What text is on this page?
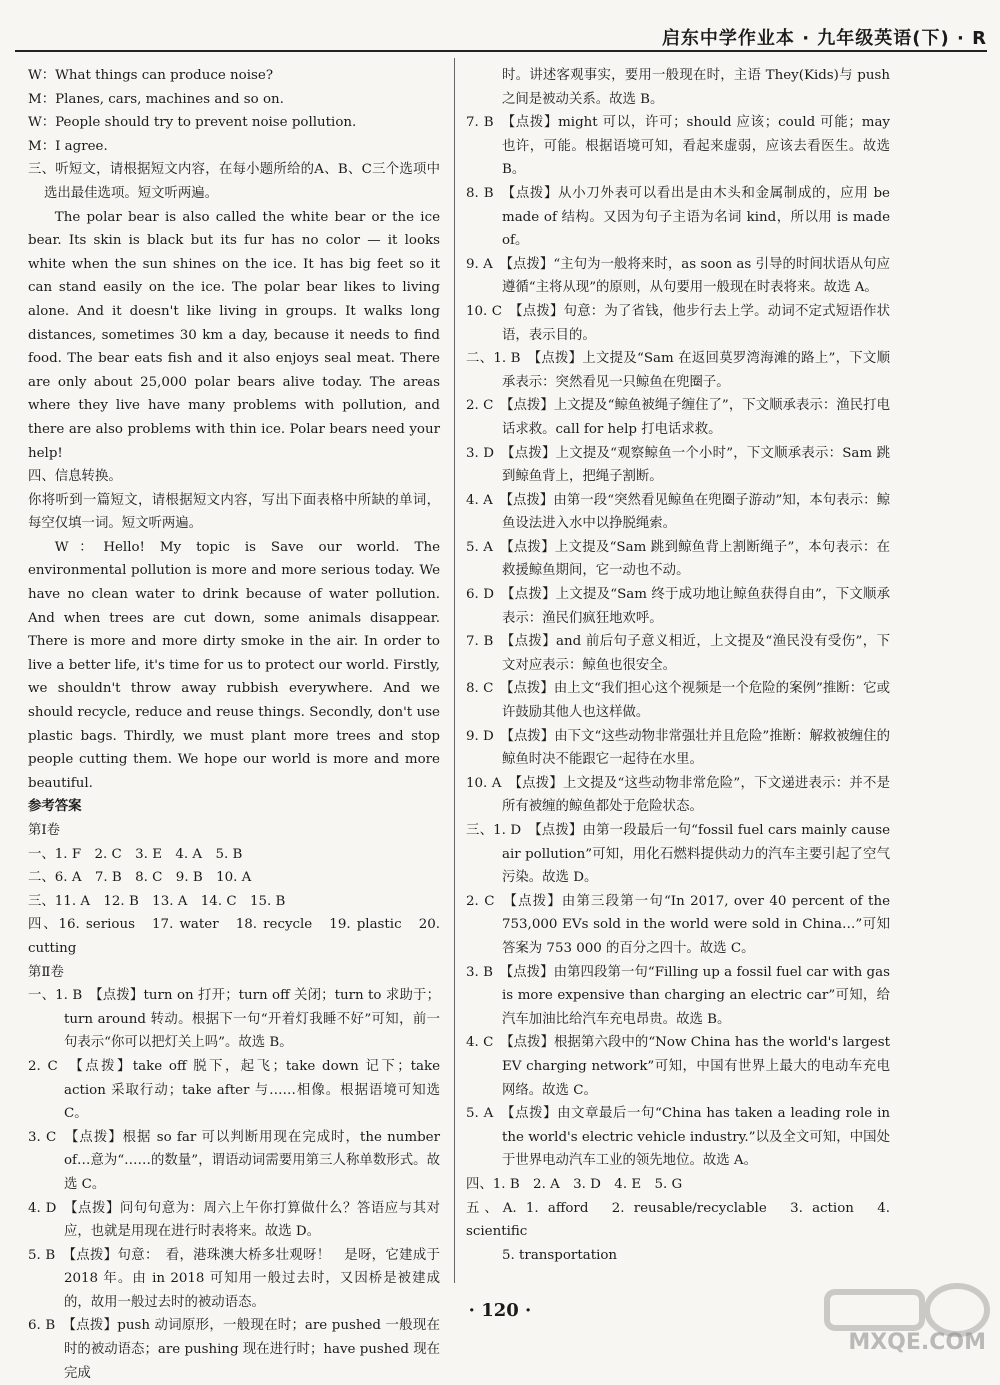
启东中学作业本 · 九年级英语(下) · R

W：What things can produce noise?

M：Planes, cars, machines and so on.

W：People should try to prevent noise pollution.

M：I agree.

三、听短文，请根据短文内容，在每小题所给的A、B、C三个选项中选出最佳选项。短文听两遍。

The polar bear is also called the white bear or the ice bear. Its skin is black but its fur has no color — it looks white when the sun shines on the ice. It has big feet so it can stand easily on the ice. The polar bear likes to living alone. And it doesn't like living in groups. It walks long distances, sometimes 30 km a day, because it needs to find food. The bear eats fish and it also enjoys seal meat. There are only about 25,000 polar bears alive today. The areas where they live have many problems with pollution, and there are also problems with thin ice. Polar bears need your help!

四、信息转换。

你将听到一篇短文，请根据短文内容，写出下面表格中所缺的单词，每空仅填一词。短文听两遍。

W：Hello! My topic is Save our world. The environmental pollution is more and more serious today. We have no clean water to drink because of water pollution. And when trees are cut down, some animals disappear. There is more and more dirty smoke in the air. In order to live a better life, it's time for us to protect our world. Firstly, we shouldn't throw away rubbish everywhere. And we should recycle, reduce and reuse things. Secondly, don't use plastic bags. Thirdly, we must plant more trees and stop people cutting them. We hope our world is more and more beautiful.

参考答案

第Ⅰ卷

一、1. F　2. C　3. E　4. A　5. B

二、6. A　7. B　8. C　9. B　10. A

三、11. A　12. B　13. A　14. C　15. B

四、16. serious　17. water　18. recycle　19. plastic　20. cutting

第Ⅱ卷

一、1. B　【点拨】turn on 打开；turn off 关闭；turn to 求助于；turn around 转动。根据下一句“开着灯我睡不好”可知，前一句表示“你可以把灯关上吗”。故选 B。

2. C　【点拨】take off 脱下，起飞；take down 记下；take action 采取行动；take after 与……相像。根据语境可知选 C。

3. C　【点拨】根据 so far 可以判断用现在完成时，the number of…意为“……的数量”，谓语动词需要用第三人称单数形式。故选 C。

4. D　【点拨】问句句意为：周六上午你打算做什么？答语应与其对应，也就是用现在进行时表将来。故选 D。

5. B　【点拨】句意：　看，港珠澳大桥多壮观呀！　是呀，它建成于 2018 年。由 in 2018 可知用一般过去时，又因桥是被建成的，故用一般过去时的被动语态。

6. B　【点拨】push 动词原形，一般现在时；are pushed 一般现在时的被动语态；are pushing 现在进行时；have pushed 现在完成

时。讲述客观事实，要用一般现在时，主语 They(Kids)与 push 之间是被动关系。故选 B。

7. B　【点拨】might 可以，许可；should 应该；could 可能；may 也许，可能。根据语境可知，看起来虚弱，应该去看医生。故选 B。

8. B　【点拨】从小刀外表可以看出是由木头和金属制成的，应用 be made of 结构。又因为句子主语为名词 kind，所以用 is made of。

9. A　【点拨】“主句为一般将来时，as soon as 引导的时间状语从句应遵循“主将从现”的原则，从句要用一般现在时表将来。故选 A。

10. C　【点拨】句意：为了省钱，他步行去上学。动词不定式短语作状语，表示目的。

二、1. B　【点拨】上文提及“Sam 在返回莫罗湾海滩的路上”，下文顺承表示：突然看见一只鲸鱼在兜圈子。

2. C　【点拨】上文提及“鲸鱼被绳子缠住了”，下文顺承表示：渔民打电话求救。call for help 打电话求救。

3. D　【点拨】上文提及“观察鲸鱼一个小时”，下文顺承表示：Sam 跳到鲸鱼背上，把绳子割断。

4. A　【点拨】由第一段“突然看见鲸鱼在兜圈子游动”知，本句表示：鲸鱼设法进入水中以挣脱绳索。

5. A　【点拨】上文提及“Sam 跳到鲸鱼背上割断绳子”，本句表示：在救援鲸鱼期间，它一动也不动。

6. D　【点拨】上文提及“Sam 终于成功地让鲸鱼获得自由”，下文顺承表示：渔民们疯狂地欢呼。

7. B　【点拨】and 前后句子意义相近，上文提及“渔民没有受伤”，下文对应表示：鲸鱼也很安全。

8. C　【点拨】由上文“我们担心这个视频是一个危险的案例”推断：它或许鼓励其他人也这样做。

9. D　【点拨】由下文“这些动物非常强壮并且危险”推断：解救被缠住的鲸鱼时决不能跟它一起待在水里。

10. A　【点拨】上文提及“这些动物非常危险”，下文递进表示：并不是所有被缠的鲸鱼都处于危险状态。

三、1. D　【点拨】由第一段最后一句“fossil fuel cars mainly cause air pollution”可知，用化石燃料提供动力的汽车主要引起了空气污染。故选 D。

2. C　【点拨】由第三段第一句“In 2017, over 40 percent of the 753,000 EVs sold in the world were sold in China…”可知答案为 753 000 的百分之四十。故选 C。

3. B　【点拨】由第四段第一句“Filling up a fossil fuel car with gas is more expensive than charging an electric car”可知，给汽车加油比给汽车充电昂贵。故选 B。

4. C　【点拨】根据第六段中的“Now China has the world's largest EV charging network”可知，中国有世界上最大的电动车充电网络。故选 C。

5. A　【点拨】由文章最后一句“China has taken a leading role in the world's electric vehicle industry.”以及全文可知，中国处于世界电动汽车工业的领先地位。故选 A。

四、1. B　2. A　3. D　4. E　5. G

五、A. 1. afford　2. reusable/recyclable　3. action　4. scientific

5. transportation

· 120 ·
MXQE.COM
